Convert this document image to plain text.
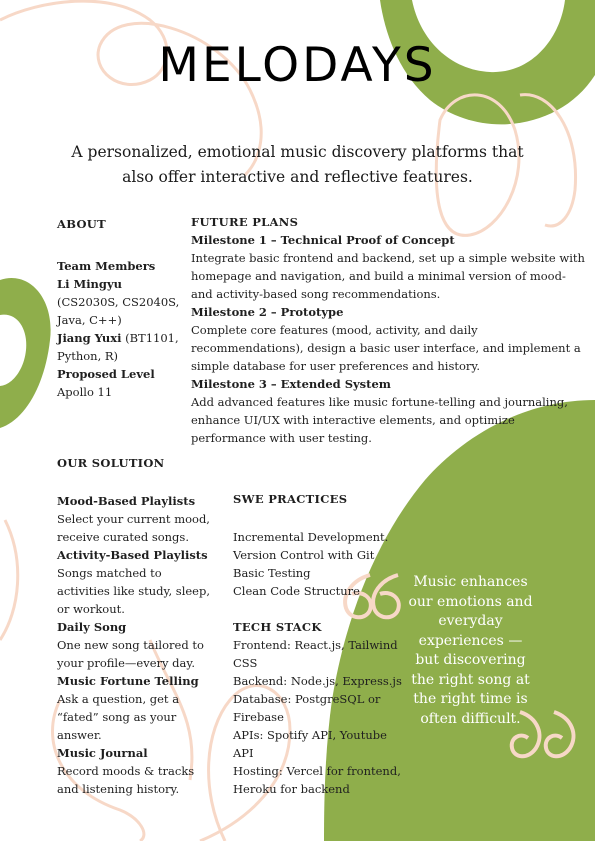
MELODAYS
A personalized, emotional music discovery platforms that also offer interactive and reflective features.

ABOUT

Team Members

Li Mingyu (CS2030S, CS2040S, Java, C++)

Jiang Yuxi (BT1101, Python, R)

Proposed Level

Apollo 11

FUTURE PLANS

Milestone 1 – Technical Proof of Concept

Integrate basic frontend and backend, set up a simple website with homepage and navigation, and build a minimal version of mood- and activity-based song recommendations.

Milestone 2 – Prototype

Complete core features (mood, activity, and daily recommendations), design a basic user interface, and implement a simple database for user preferences and history.

Milestone 3 – Extended System

Add advanced features like music fortune-telling and journaling, enhance UI/UX with interactive elements, and optimize performance with user testing.

OUR SOLUTION

Mood-Based Playlists

Select your current mood, receive curated songs.

Activity-Based Playlists

Songs matched to activities like study, sleep, or workout.

Daily Song

One new song tailored to your profile—every day.

Music Fortune Telling

Ask a question, get a “fated” song as your answer.

Music Journal

Record moods & tracks and listening history.

SWE PRACTICES

Incremental Development.

Version Control with Git

Basic Testing

Clean Code Structure

TECH STACK

Frontend: React.js, Tailwind CSS

Backend: Node.js, Express.js

Database: PostgreSQL or Firebase

APIs: Spotify API, Youtube API

Hosting: Vercel for frontend, Heroku for backend

Music enhances our emotions and everyday experiences — but discovering the right song at the right time is often difficult.
